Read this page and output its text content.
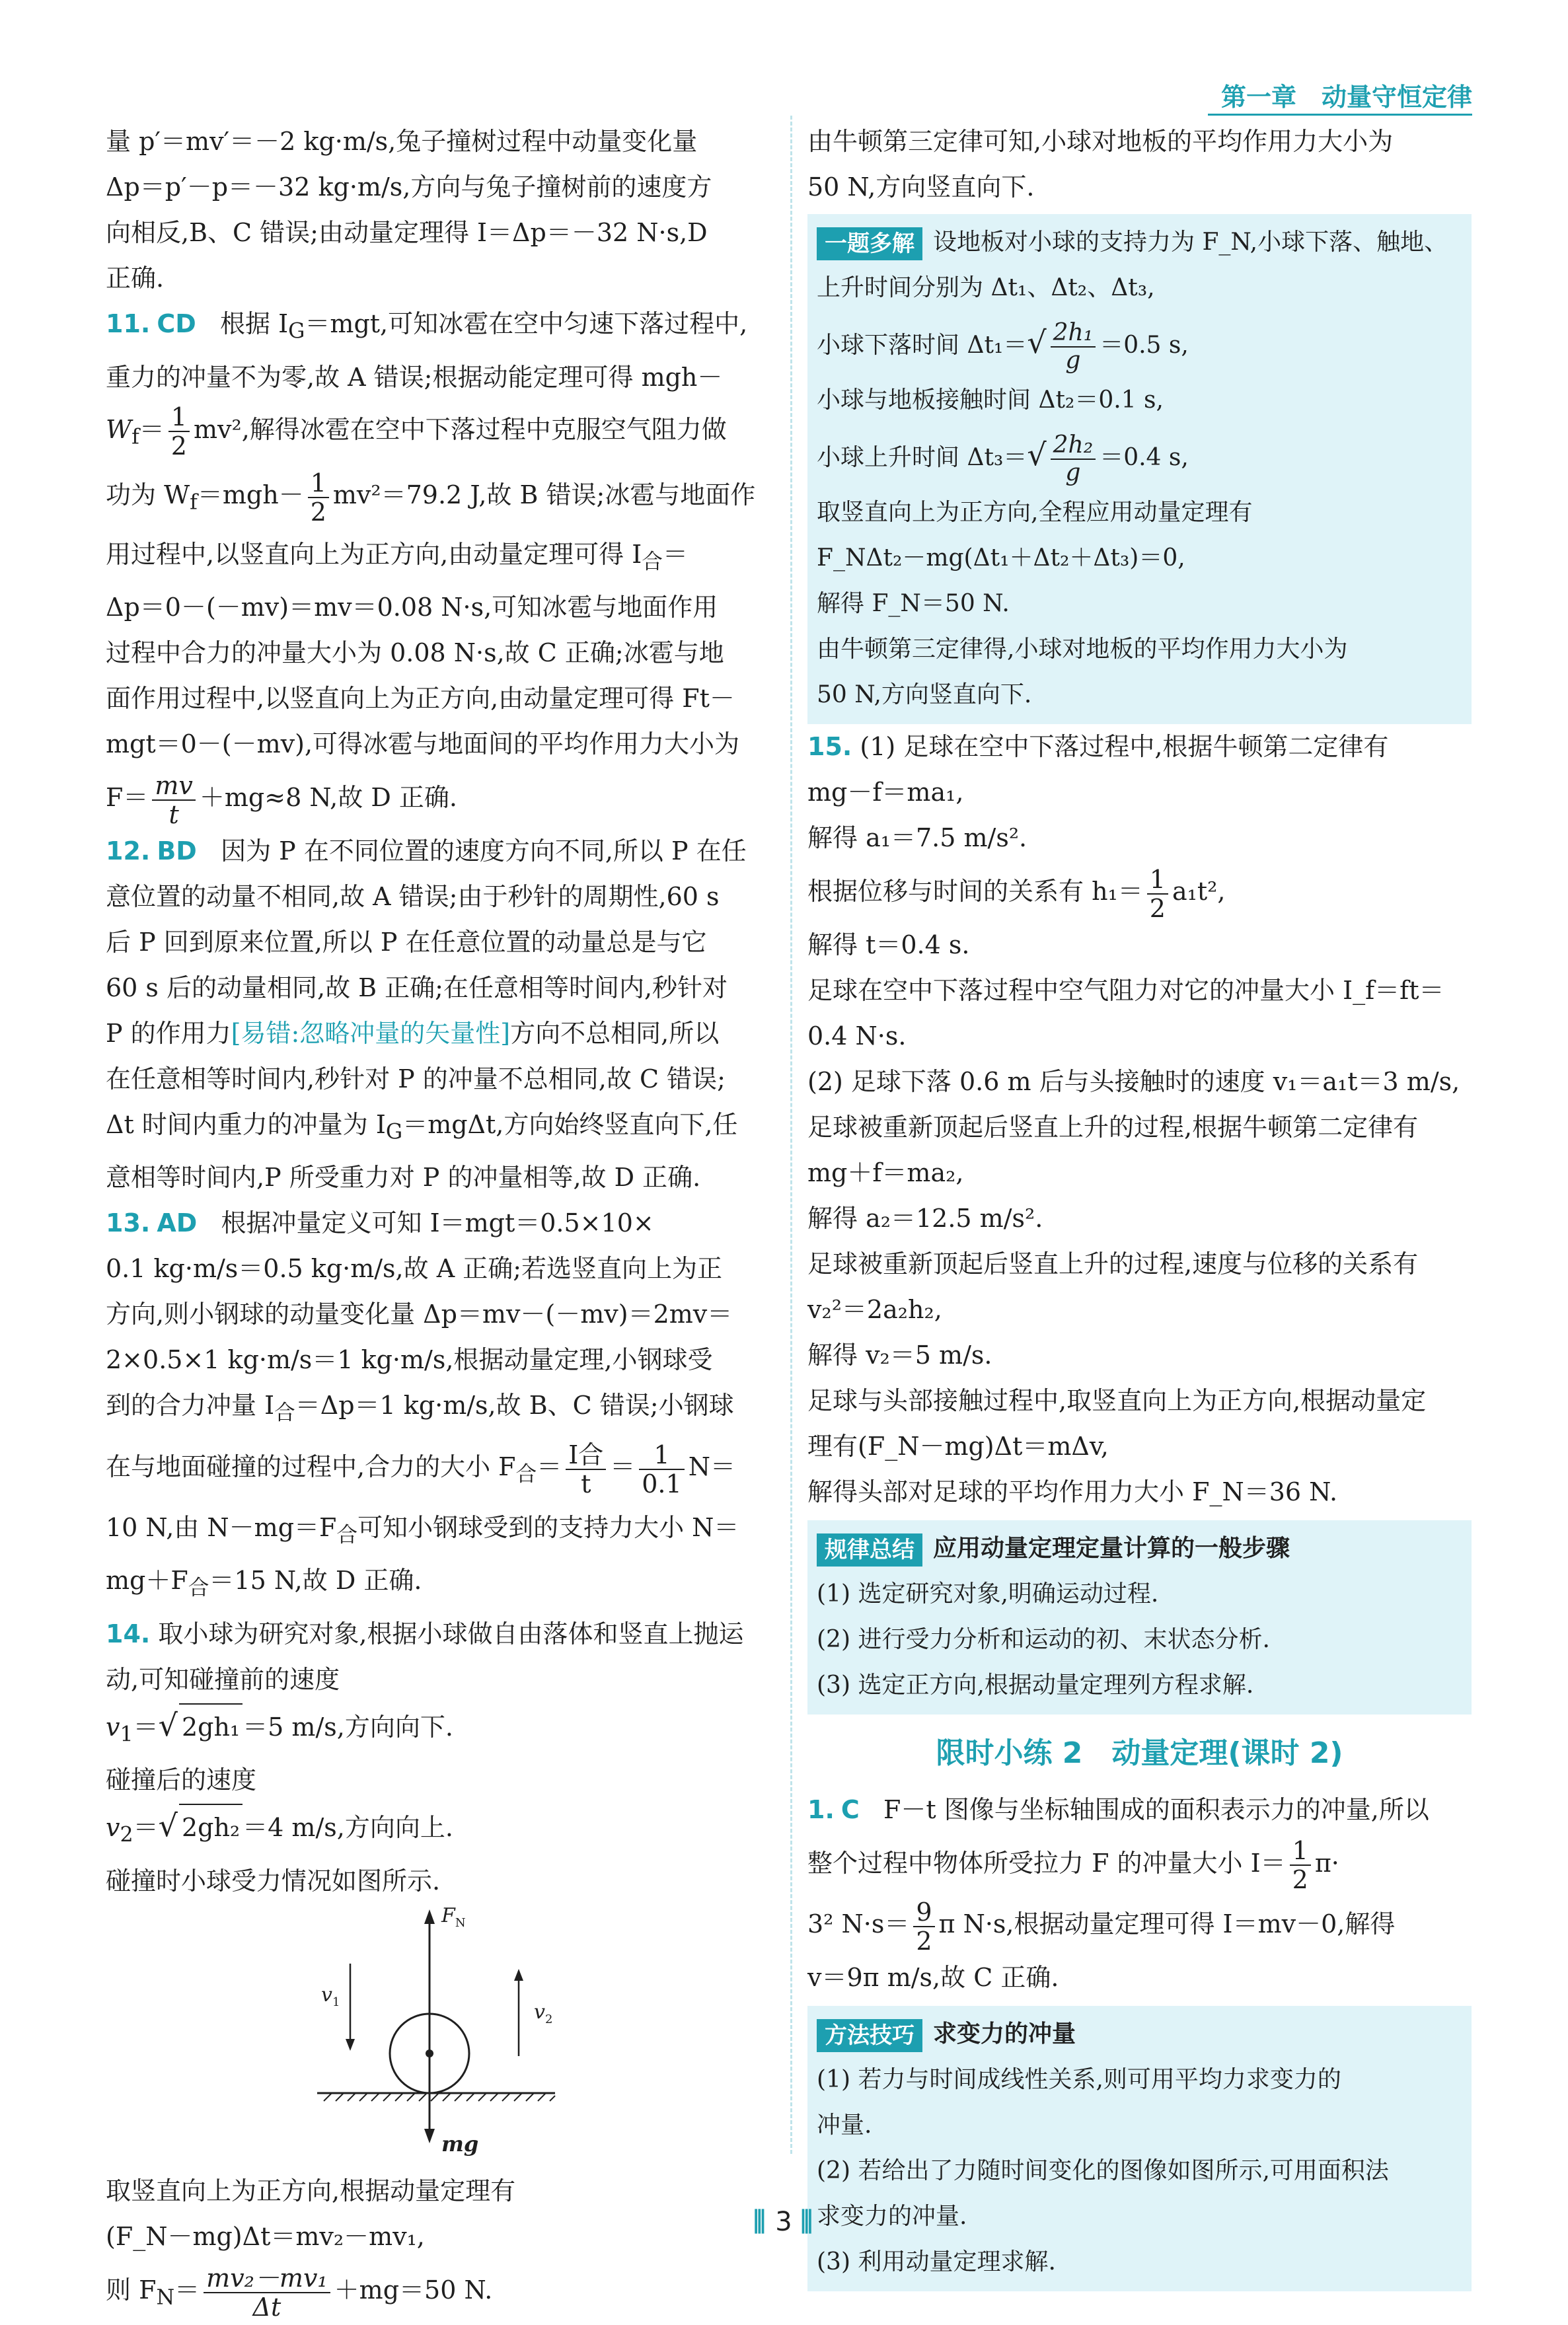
第一章　动量守恒定律

量 p′＝mv′＝－2 kg·m/s,兔子撞树过程中动量变化量

Δp＝p′－p＝－32 kg·m/s,方向与兔子撞树前的速度方

向相反,B、C 错误;由动量定理得 I＝Δp＝－32 N·s,D

正确.

11. CD 根据 $I_G=mgt$,可知冰雹在空中匀速下落过程中,

重力的冲量不为零,故 A 错误;根据动能定理可得 mgh－

$W_f= \frac{1}{2} mv^2$,解得冰雹在空中下落过程中克服空气阻力做

功为 $W_f=mgh- \frac{1}{2} mv^2=79.2$ J,故 B 错误;冰雹与地面作

用过程中,以竖直向上为正方向,由动量定理可得 $I_合=$

Δp＝0－(－mv)＝mv＝0.08 N·s,可知冰雹与地面作用

过程中合力的冲量大小为 0.08 N·s,故 C 正确;冰雹与地

面作用过程中,以竖直向上为正方向,由动量定理可得 Ft－

mgt＝0－(－mv),可得冰雹与地面间的平均作用力大小为

$F= \frac{mv}{t} +mg\approx 8$ N,故 D 正确.

12. BD 因为 P 在不同位置的速度方向不同,所以 P 在任

意位置的动量不相同,故 A 错误;由于秒针的周期性,60 s

后 P 回到原来位置,所以 P 在任意位置的动量总是与它

60 s 后的动量相同,故 B 正确;在任意相等时间内,秒针对

P 的作用力[易错:忽略冲量的矢量性]方向不总相同,所以

在任意相等时间内,秒针对 P 的冲量不总相同,故 C 错误;

Δt 时间内重力的冲量为 $I_G=mg\Delta t$,方向始终竖直向下,任

意相等时间内,P 所受重力对 P 的冲量相等,故 D 正确.

13. AD 根据冲量定义可知 I＝mgt＝0.5×10×

0.1 kg·m/s＝0.5 kg·m/s,故 A 正确;若选竖直向上为正

方向,则小钢球的动量变化量 Δp＝mv－(－mv)＝2mv＝

2×0.5×1 kg·m/s＝1 kg·m/s,根据动量定理,小钢球受

到的合力冲量 $I_合=\Delta p=1$ kg·m/s,故 B、C 错误;小钢球

在与地面碰撞的过程中,合力的大小 $F_合= \frac{\text{I合}}{t} = \frac{1}{0.1} N=$

10 N,由 $N-mg=F_合$可知小钢球受到的支持力大小 N＝

$mg+F_合=15$ N,故 D 正确.

14. 取小球为研究对象,根据小球做自由落体和竖直上抛运

动,可知碰撞前的速度

$v_1=√$ 2gh₁ ＝5 m/s,方向向下.

碰撞后的速度

$v_2=√$ 2gh₂ ＝4 m/s,方向向上.

碰撞时小球受力情况如图所示.

$F_N$
$v_1$	$v_2$
mg

取竖直向上为正方向,根据动量定理有

(F_N－mg)Δt＝mv₂－mv₁,

则 $F_N= \frac{\text{mv₂－mv₁}}{\Delta t} +mg=50$ N.

由牛顿第三定律可知,小球对地板的平均作用力大小为

50 N,方向竖直向下.

一题多解 设地板对小球的支持力为 F_N,小球下落、触地、

上升时间分别为 Δt₁、Δt₂、Δt₃,

小球下落时间 $\Delta t_1=√ \frac{\text{2h₁}}{g} =0.5$ s,

小球与地板接触时间 Δt₂＝0.1 s,

小球上升时间 $\Delta t_3=√ \frac{\text{2h₂}}{g} =0.4$ s,

取竖直向上为正方向,全程应用动量定理有

F_NΔt₂－mg(Δt₁＋Δt₂＋Δt₃)＝0,

解得 F_N＝50 N.

由牛顿第三定律得,小球对地板的平均作用力大小为

50 N,方向竖直向下.

15. (1) 足球在空中下落过程中,根据牛顿第二定律有

mg－f＝ma₁,

解得 a₁＝7.5 m/s².

根据位移与时间的关系有 $h_1= \frac{1}{2} a_1t^2$,

解得 t＝0.4 s.

足球在空中下落过程中空气阻力对它的冲量大小 I_f＝ft＝

0.4 N·s.

(2) 足球下落 0.6 m 后与头接触时的速度 v₁＝a₁t＝3 m/s,

足球被重新顶起后竖直上升的过程,根据牛顿第二定律有

mg＋f＝ma₂,

解得 a₂＝12.5 m/s².

足球被重新顶起后竖直上升的过程,速度与位移的关系有

v₂²＝2a₂h₂,

解得 v₂＝5 m/s.

足球与头部接触过程中,取竖直向上为正方向,根据动量定

理有(F_N－mg)Δt＝mΔv,

解得头部对足球的平均作用力大小 F_N＝36 N.

规律总结 应用动量定理定量计算的一般步骤

(1) 选定研究对象,明确运动过程.

(2) 进行受力分析和运动的初、末状态分析.

(3) 选定正方向,根据动量定理列方程求解.

限时小练 2　动量定理(课时 2)

1. C F－t 图像与坐标轴围成的面积表示力的冲量,所以

整个过程中物体所受拉力 F 的冲量大小 $I= \frac{1}{2} \pi\cdot$

3² $N\cdot s= \frac{9}{2}$ π N·s,根据动量定理可得 I＝mv－0,解得

v＝9π m/s,故 C 正确.

方法技巧 求变力的冲量

(1) 若力与时间成线性关系,则可用平均力求变力的

冲量.

(2) 若给出了力随时间变化的图像如图所示,可用面积法

求变力的冲量.

(3) 利用动量定理求解.

⫼ 3 ⫼
